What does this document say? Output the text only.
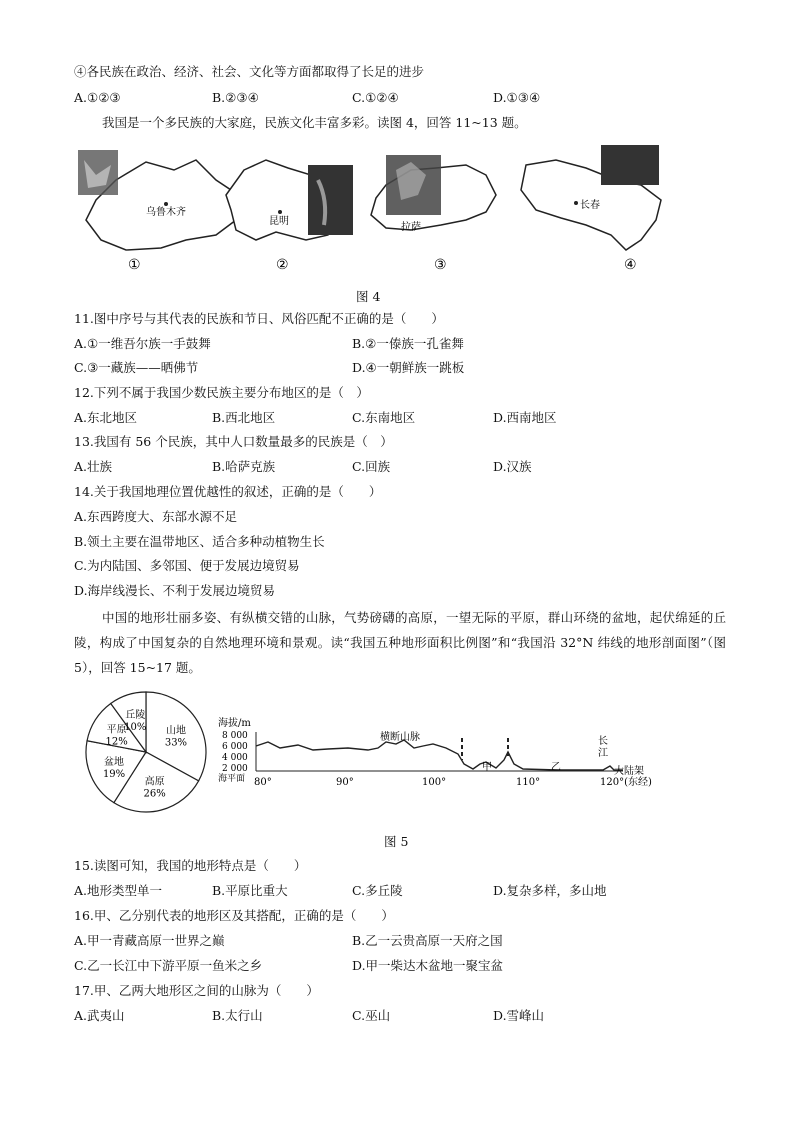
④各民族在政治、经济、社会、文化等方面都取得了长足的进步
A.①②③	B.②③④	C.①②④	D.①③④
我国是一个多民族的大家庭，民族文化丰富多彩。读图 4，回答 11~13 题。
乌鲁木齐
①
昆明
②
拉萨
③
长春
④
图 4
11.图中序号与其代表的民族和节日、风俗匹配不正确的是（　　）
A.①一维吾尔族一手鼓舞	B.②一傣族一孔雀舞
C.③一藏族——晒佛节	D.④一朝鲜族一跳板
12.下列不属于我国少数民族主要分布地区的是（　）
A.东北地区	B.西北地区	C.东南地区	D.西南地区
13.我国有 56 个民族，其中人口数量最多的民族是（　）
A.壮族	B.哈萨克族	C.回族	D.汉族
14.关于我国地理位置优越性的叙述，正确的是（　　）
A.东西跨度大、东部水源不足
B.领土主要在温带地区、适合多种动植物生长
C.为内陆国、多邻国、便于发展边境贸易
D.海岸线漫长、不利于发展边境贸易
中国的地形壮丽多姿、有纵横交错的山脉，气势磅礴的高原，一望无际的平原，群山环绕的盆地，起伏绵延的丘陵，构成了中国复杂的自然地理环境和景观。读“我国五种地形面积比例图”和“我国沿 32°N 纬线的地形剖面图”（图 5），回答 15~17 题。
山地
33%
高原
26%
盆地
19%
平原
12%
丘陵
10%	海拔/m
8 000
6 000
4 000
2 000
海平面
横断山脉
甲	乙
长
江
大陆架
80°	90°	100°	110°	120°(东经)
图 5
15.读图可知，我国的地形特点是（　　）
A.地形类型单一	B.平原比重大	C.多丘陵	D.复杂多样，多山地
16.甲、乙分别代表的地形区及其搭配，正确的是（　　）
A.甲一青藏高原一世界之巅	B.乙一云贵高原一天府之国
C.乙一长江中下游平原一鱼米之乡	D.甲一柴达木盆地一聚宝盆
17.甲、乙两大地形区之间的山脉为（　　）
A.武夷山	B.太行山	C.巫山	D.雪峰山
